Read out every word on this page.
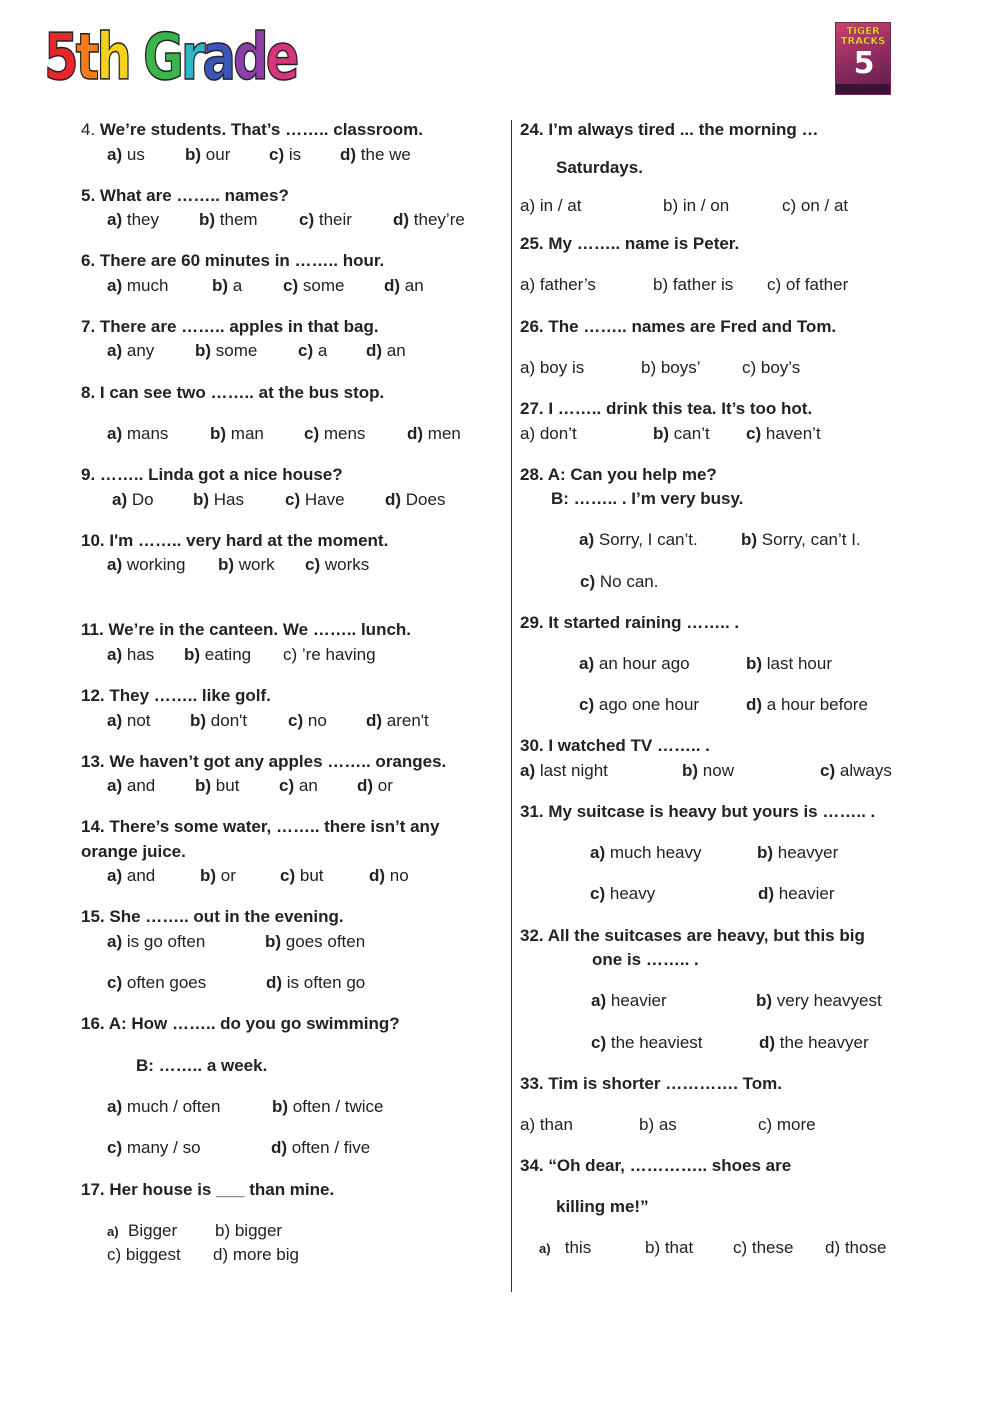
5th Grade	TIGER TRACKS
5
4. We’re students. That’s …….. classroom.
a) us b) our c) is d) the we
5. What are …….. names?
a) they b) them c) their d) they’re
6. There are 60 minutes in …….. hour.
a) much	b) a c) some d) an
7. There are …….. apples in that bag.
a) any b) some c) a d) an
8. I can see two …….. at the bus stop.
a) mans b) man c) mens d) men
9. …….. Linda got a nice house?
a) Do b) Has c) Have d) Does
10. I'm …….. very hard at the moment.
a) working b) work c) works
11. We’re in the canteen. We …….. lunch.
a) has b) eating c) ’re having
12. They …….. like golf.
a) not b) don't c) no d) aren't
13. We haven’t got any apples …….. oranges.
a) and b) but c) an d) or
14. There’s some water, …….. there isn’t any
orange juice.
a) and	b) or	c) but	d) no
15. She …….. out in the evening.
a) is go often	b) goes often
c) often goes	d) is often go
16. A: How …….. do you go swimming?
B: …….. a week.
a) much / often	b) often / twice
c) many / so	d) often / five
17. Her house is ___ than mine.
a) Bigger b) bigger
c) biggest d) more big
24. I’m always tired ... the morning …
Saturdays.
a) in / at	b) in / on	c) on / at
25. My …….. name is Peter.
a) father’s	b) father is c) of father
26. The …….. names are Fred and Tom.
a) boy is	b) boys’ c) boy’s
27. I …….. drink this tea. It’s too hot.
a) don’t	b) can’t c) haven’t
28. A: Can you help me?
B: …….. . I’m very busy.
a) Sorry, I can’t.	b) Sorry, can’t I.
c) No can.
29. It started raining …….. .
a) an hour ago	b) last hour
c) ago one hour	d) a hour before
30. I watched TV …….. .
a) last night	b) now	c) always
31. My suitcase is heavy but yours is …….. .
a) much heavy	b) heavyer
c) heavy	d) heavier
32. All the suitcases are heavy, but this big
one is …….. .
a) heavier	b) very heavyest
c) the heaviest	d) the heavyer
33. Tim is shorter …………. Tom.
a) than	b) as	c) more
34. “Oh dear, ………….. shoes are
killing me!”
a) this	b) that c) these d) those
